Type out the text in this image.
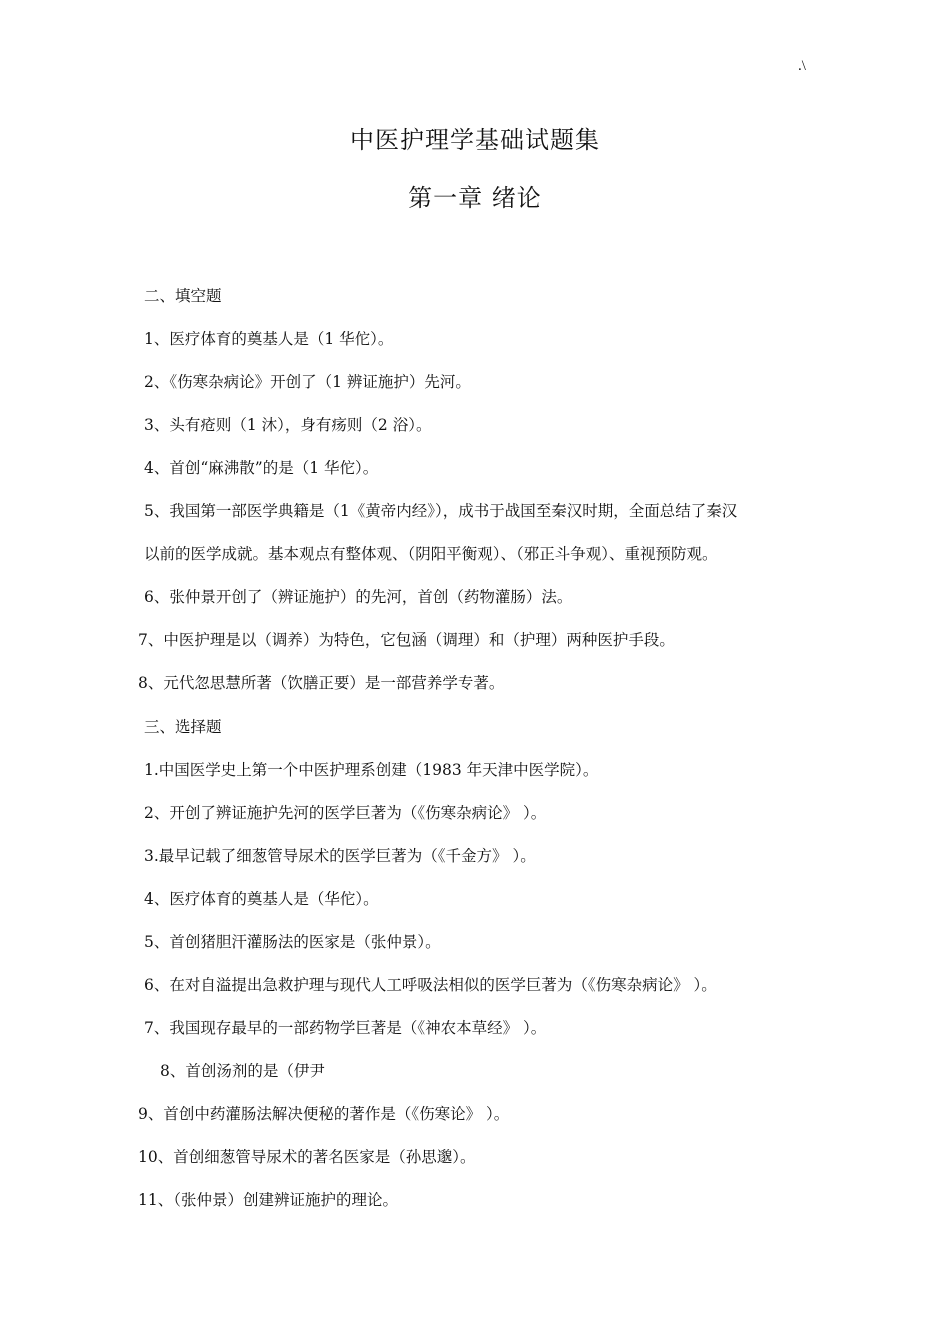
.\
中医护理学基础试题集
第一章 绪论
二、填空题
1、医疗体育的奠基人是（1 华佗）。
2、《伤寒杂病论》开创了（1 辨证施护）先河。
3、头有疮则（1 沐），身有疡则（2 浴）。
4、首创“麻沸散”的是（1 华佗）。
5、我国第一部医学典籍是（1《黄帝内经》），成书于战国至秦汉时期，全面总结了秦汉
以前的医学成就。基本观点有整体观、（阴阳平衡观）、（邪正斗争观）、重视预防观。
6、张仲景开创了（辨证施护）的先河，首创（药物灌肠）法。
7、中医护理是以（调养）为特色，它包涵（调理）和（护理）两种医护手段。
8、元代忽思慧所著（饮膳正要）是一部营养学专著。
三、选择题
1.中国医学史上第一个中医护理系创建（1983 年天津中医学院）。
2、开创了辨证施护先河的医学巨著为（《伤寒杂病论》 ）。
3.最早记载了细葱管导尿术的医学巨著为（《千金方》 ）。
4、医疗体育的奠基人是（华佗）。
5、首创猪胆汗灌肠法的医家是（张仲景）。
6、在对自溢提出急救护理与现代人工呼吸法相似的医学巨著为（《伤寒杂病论》 ）。
7、我国现存最早的一部药物学巨著是（《神农本草经》 ）。
8、首创汤剂的是（伊尹
9、首创中药灌肠法解决便秘的著作是（《伤寒论》 ）。
10、首创细葱管导尿术的著名医家是（孙思邈）。
11、（张仲景）创建辨证施护的理论。
